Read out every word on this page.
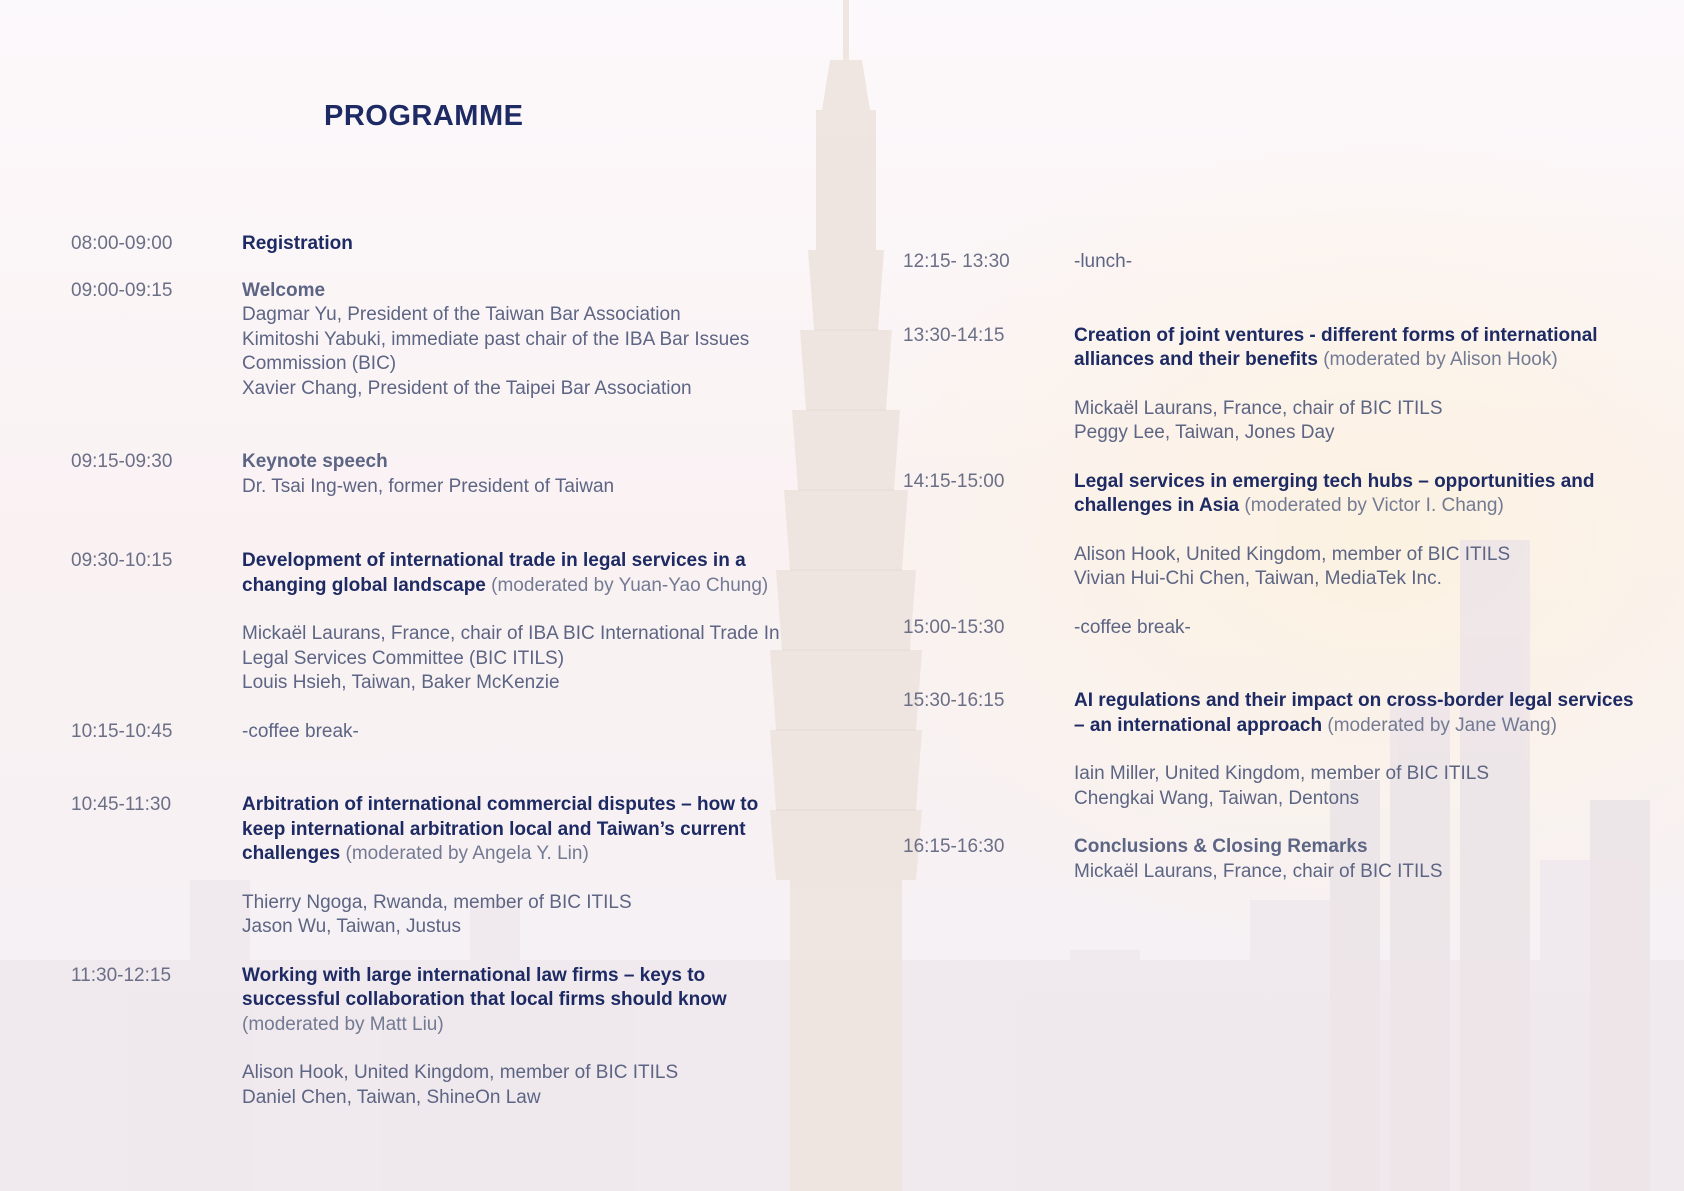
PROGRAMME
08:00-09:00	Registration
09:00-09:15	Welcome
Dagmar Yu, President of the Taiwan Bar Association
Kimitoshi Yabuki, immediate past chair of the IBA Bar Issues Commission (BIC)
Xavier Chang, President of the Taipei Bar Association
09:15-09:30	Keynote speech
Dr. Tsai Ing-wen, former President of Taiwan
09:30-10:15	Development of international trade in legal services in a changing global landscape (moderated by Yuan-Yao Chung)
Mickaël Laurans, France, chair of IBA BIC International Trade In Legal Services Committee (BIC ITILS)
Louis Hsieh, Taiwan, Baker McKenzie
10:15-10:45	-coffee break-
10:45-11:30	Arbitration of international commercial disputes – how to keep international arbitration local and Taiwan’s current challenges (moderated by Angela Y. Lin)
Thierry Ngoga, Rwanda, member of BIC ITILS
Jason Wu, Taiwan, Justus
11:30-12:15	Working with large international law firms – keys to successful collaboration that local firms should know (moderated by Matt Liu)
Alison Hook, United Kingdom, member of BIC ITILS
Daniel Chen, Taiwan, ShineOn Law
12:15- 13:30	-lunch-
13:30-14:15	Creation of joint ventures - different forms of international alliances and their benefits (moderated by Alison Hook)
Mickaël Laurans, France, chair of BIC ITILS
Peggy Lee, Taiwan, Jones Day
14:15-15:00	Legal services in emerging tech hubs – opportunities and challenges in Asia (moderated by Victor I. Chang)
Alison Hook, United Kingdom, member of BIC ITILS
Vivian Hui-Chi Chen, Taiwan, MediaTek Inc.
15:00-15:30	-coffee break-
15:30-16:15	AI regulations and their impact on cross-border legal services – an international approach (moderated by Jane Wang)
Iain Miller, United Kingdom, member of BIC ITILS
Chengkai Wang, Taiwan, Dentons
16:15-16:30	Conclusions & Closing Remarks
Mickaël Laurans, France, chair of BIC ITILS
